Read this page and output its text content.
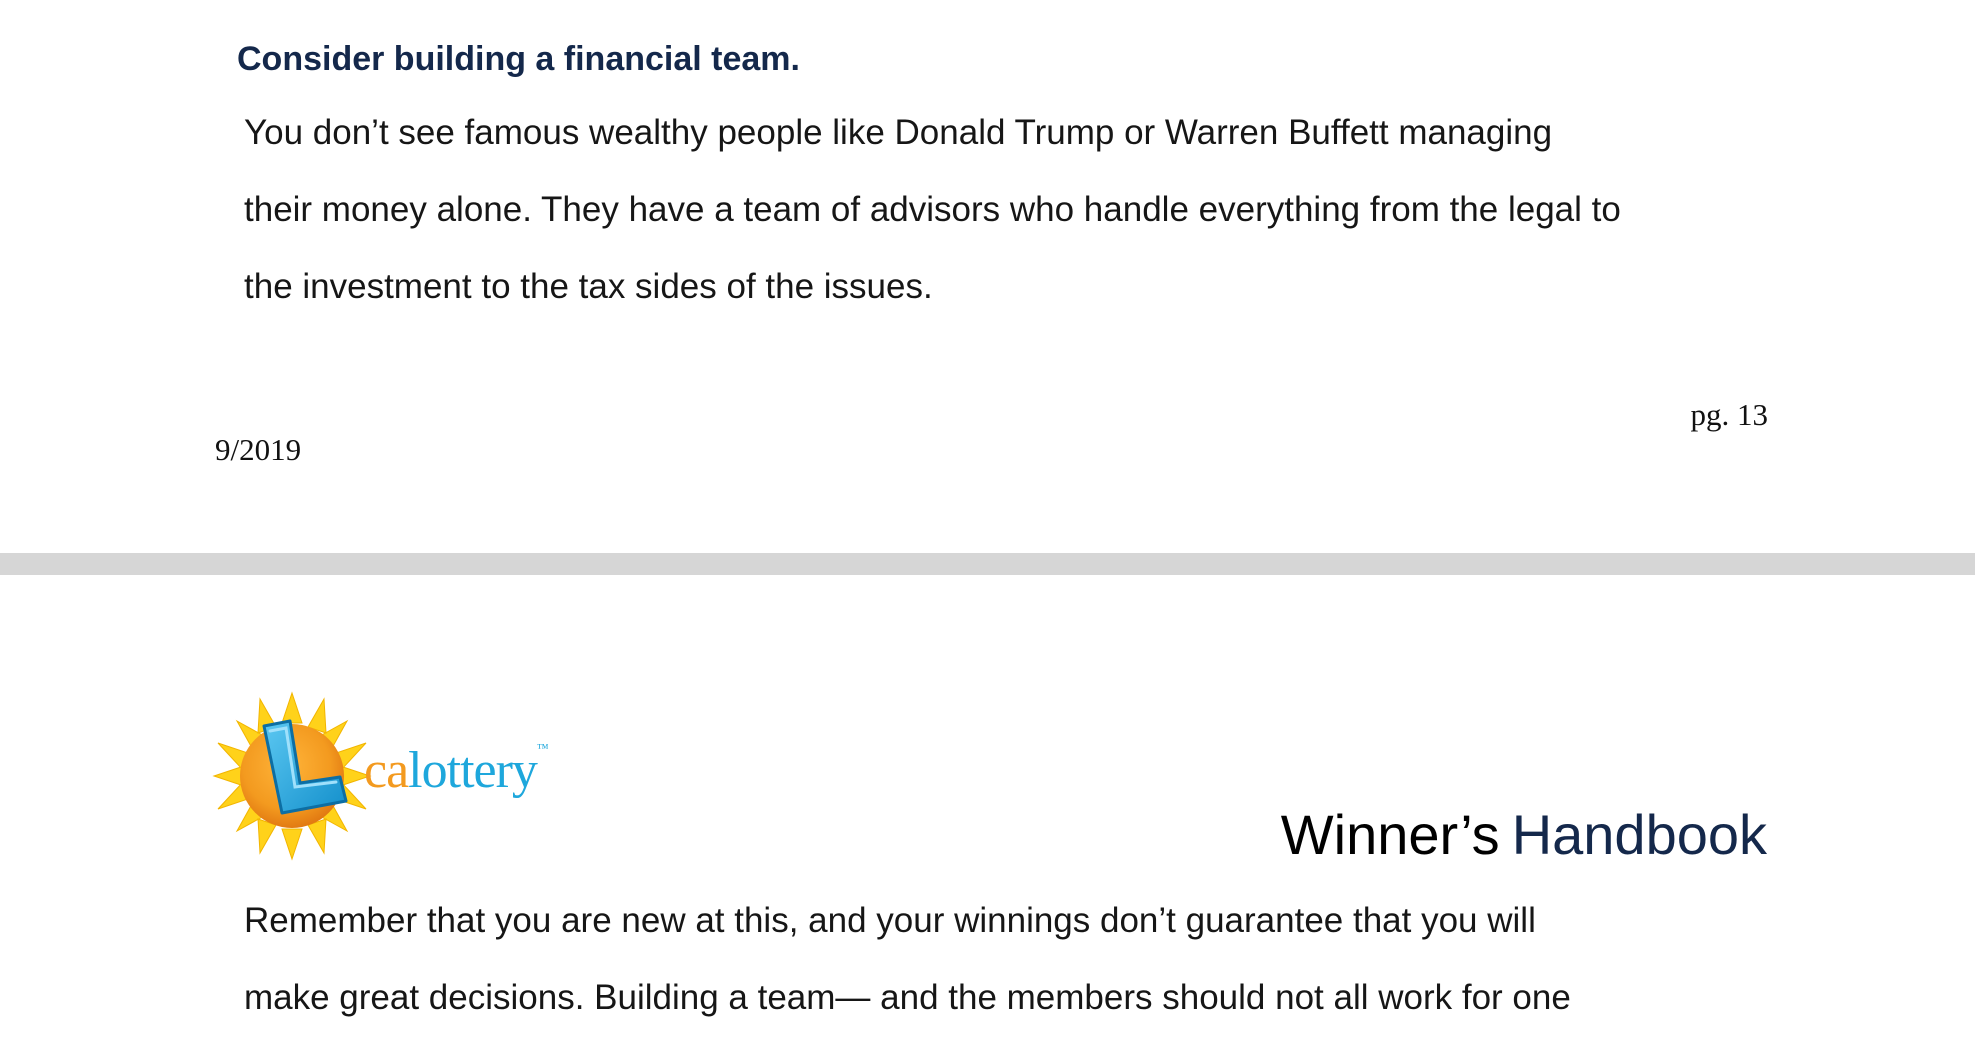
Consider building a financial team.

You don’t see famous wealthy people like Donald Trump or Warren Buffett managing
their money alone. They have a team of advisors who handle everything from the legal to
the investment to the tax sides of the issues.

pg. 13
9/2019
calottery™
Winner’s Handbook

Remember that you are new at this, and your winnings don’t guarantee that you will
make great decisions. Building a team— and the members should not all work for one
